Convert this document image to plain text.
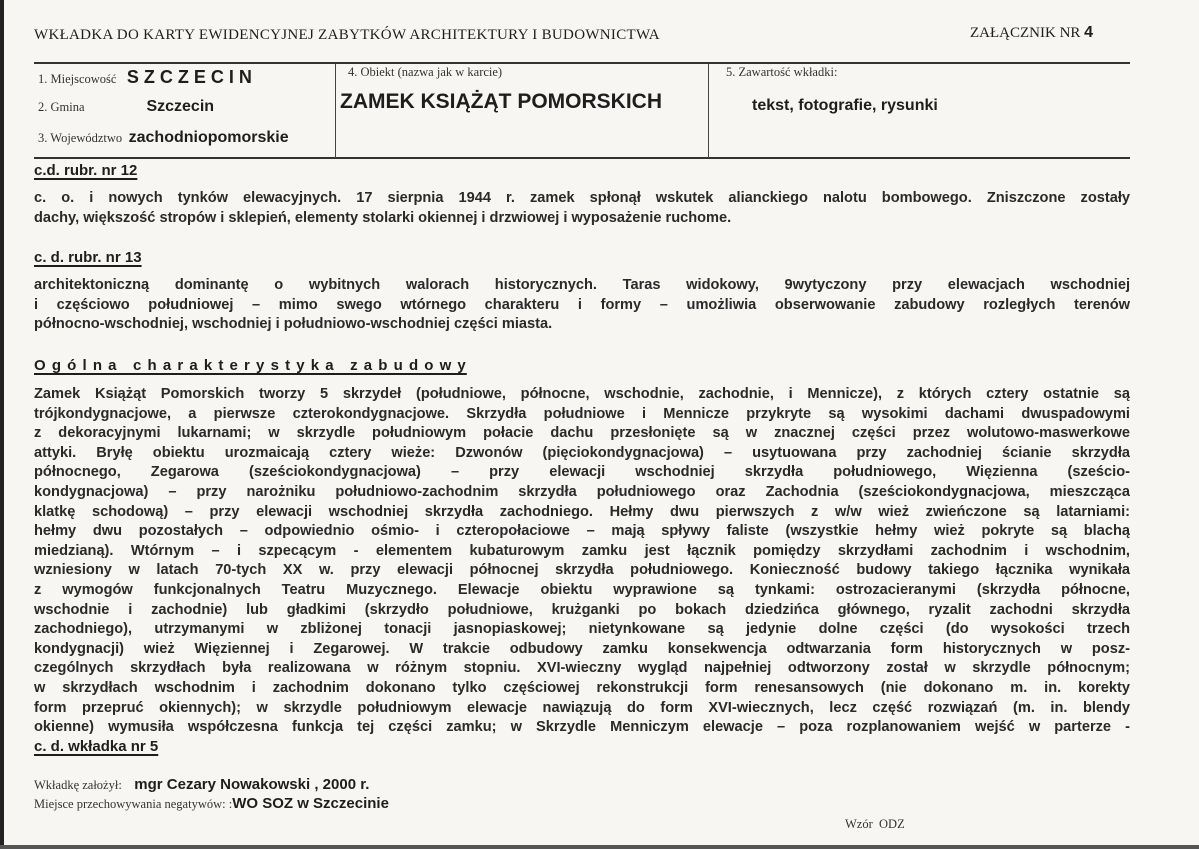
WKŁADKA DO KARTY EWIDENCYJNEJ ZABYTKÓW ARCHITEKTURY I BUDOWNICTWA	ZAŁĄCZNIK NR 4
1. Miejscowość S Z C Z E C I N
2. Gmina	Szczecin
3. Województwo zachodniopomorskie
4. Obiekt (nazwa jak w karcie)
ZAMEK KSIĄŻĄT POMORSKICH
5. Zawartość wkładki:
tekst, fotografie, rysunki
c.d. rubr. nr 12
c. o. i nowych tynków elewacyjnych. 17 sierpnia 1944 r. zamek spłonął wskutek alianckiego nalotu bombowego. Zniszczone zostały
dachy, większość stropów i sklepień, elementy stolarki okiennej i drzwiowej i wyposażenie ruchome.
c. d. rubr. nr 13
architektoniczną dominantę o wybitnych walorach historycznych. Taras widokowy, 9wytyczony przy elewacjach wschodniej
i częściowo południowej – mimo swego wtórnego charakteru i formy – umożliwia obserwowanie zabudowy rozległych terenów
północno-wschodniej, wschodniej i południowo-wschodniej części miasta.
O g ó l n a   c h a r a k t e r y s t y k a   z a b u d o w y
Zamek Książąt Pomorskich tworzy 5 skrzydeł (południowe, północne, wschodnie, zachodnie, i Mennicze), z których cztery ostatnie są
trójkondygnacjowe, a pierwsze czterokondygnacjowe. Skrzydła południowe i Mennicze przykryte są wysokimi dachami dwuspadowymi
z dekoracyjnymi lukarnami; w skrzydle południowym połacie dachu przesłonięte są w znacznej części przez wolutowo-maswerkowe
attyki. Bryłę obiektu urozmaicają cztery wieże: Dzwonów (pięciokondygnacjowa) – usytuowana przy zachodniej ścianie skrzydła
północnego, Zegarowa (sześciokondygnacjowa) – przy elewacji wschodniej skrzydła południowego, Więzienna (sześcio-
kondygnacjowa) – przy narożniku południowo-zachodnim skrzydła południowego oraz Zachodnia (sześciokondygnacjowa, mieszcząca
klatkę schodową) – przy elewacji wschodniej skrzydła zachodniego. Hełmy dwu pierwszych z w/w wież zwieńczone są latarniami:
hełmy dwu pozostałych – odpowiednio ośmio- i czteropołaciowe – mają spływy faliste (wszystkie hełmy wież pokryte są blachą
miedzianą). Wtórnym – i szpecącym - elementem kubaturowym zamku jest łącznik pomiędzy skrzydłami zachodnim i wschodnim,
wzniesiony w latach 70-tych XX w. przy elewacji północnej skrzydła południowego. Konieczność budowy takiego łącznika wynikała
z wymogów funkcjonalnych Teatru Muzycznego. Elewacje obiektu wyprawione są tynkami: ostrozacieranymi (skrzydła północne,
wschodnie i zachodnie) lub gładkimi (skrzydło południowe, krużganki po bokach dziedzińca głównego, ryzalit zachodni skrzydła
zachodniego), utrzymanymi w zbliżonej tonacji jasnopiaskowej; nietynkowane są jedynie dolne części (do wysokości trzech
kondygnacji) wież Więziennej i Zegarowej. W trakcie odbudowy zamku konsekwencja odtwarzania form historycznych w posz-
czególnych skrzydłach była realizowana w różnym stopniu. XVI-wieczny wygląd najpełniej odtworzony został w skrzydle północnym;
w skrzydłach wschodnim i zachodnim dokonano tylko częściowej rekonstrukcji form renesansowych (nie dokonano m. in. korekty
form przepruć okiennych); w skrzydle południowym elewacje nawiązują do form XVI-wiecznych, lecz część rozwiązań (m. in. blendy
okienne) wymusiła współczesna funkcja tej części zamku; w Skrzydle Menniczym elewacje – poza rozplanowaniem wejść w parterze -
c. d. wkładka nr 5
Wkładkę założył: mgr Cezary Nowakowski , 2000 r.
Miejsce przechowywania negatywów: :WO SOZ w Szczecinie
Wzór  ODZ
